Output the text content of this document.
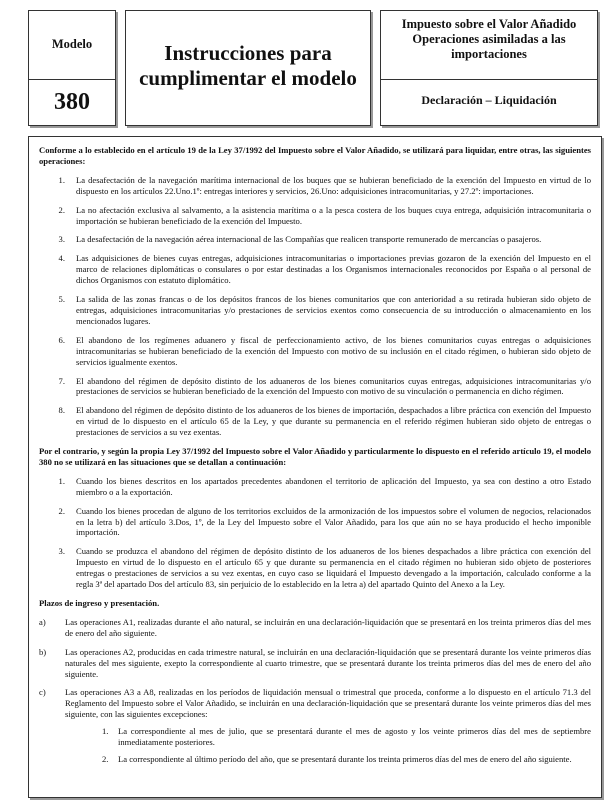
Modelo
380
Instrucciones para cumplimentar el modelo
Impuesto sobre el Valor Añadido Operaciones asimiladas a las importaciones
Declaración – Liquidación

Conforme a lo establecido en el artículo 19 de la Ley 37/1992 del Impuesto sobre el Valor Añadido, se utilizará para liquidar, entre otras, las siguientes operaciones:

1.	La desafectación de la navegación marítima internacional de los buques que se hubieran beneficiado de la exención del Impuesto en virtud de lo dispuesto en los artículos 22.Uno.1º: entregas interiores y servicios, 26.Uno: adquisiciones intracomunitarias, y 27.2º: importaciones.
2.	La no afectación exclusiva al salvamento, a la asistencia marítima o a la pesca costera de los buques cuya entrega, adquisición intracomunitaria o importación se hubieran beneficiado de la exención del Impuesto.
3.	La desafectación de la navegación aérea internacional de las Compañías que realicen transporte remunerado de mercancías o pasajeros.
4.	Las adquisiciones de bienes cuyas entregas, adquisiciones intracomunitarias o importaciones previas gozaron de la exención del Impuesto en el marco de relaciones diplomáticas o consulares o por estar destinadas a los Organismos internacionales reconocidos por España o al personal de dichos Organismos con estatuto diplomático.
5.	La salida de las zonas francas o de los depósitos francos de los bienes comunitarios que con anterioridad a su retirada hubieran sido objeto de entregas, adquisiciones intracomunitarias y/o prestaciones de servicios exentos como consecuencia de su introducción o almacenamiento en los mencionados lugares.
6.	El abandono de los regímenes aduanero y fiscal de perfeccionamiento activo, de los bienes comunitarios cuyas entregas o adquisiciones intracomunitarias se hubieran beneficiado de la exención del Impuesto con motivo de su inclusión en el citado régimen, o hubieran sido objeto de servicios igualmente exentos.
7.	El abandono del régimen de depósito distinto de los aduaneros de los bienes comunitarios cuyas entregas, adquisiciones intracomunitarias y/o prestaciones de servicios se hubieran beneficiado de la exención del Impuesto con motivo de su vinculación o permanencia en dicho régimen.
8.	El abandono del régimen de depósito distinto de los aduaneros de los bienes de importación, despachados a libre práctica con exención del Impuesto en virtud de lo dispuesto en el artículo 65 de la Ley, y que durante su permanencia en el referido régimen hubieran sido objeto de entregas o prestaciones de servicios a su vez exentas.

Por el contrario, y según la propia Ley 37/1992 del Impuesto sobre el Valor Añadido y particularmente lo dispuesto en el referido artículo 19, el modelo 380 no se utilizará en las situaciones que se detallan a continuación:

1.	Cuando los bienes descritos en los apartados precedentes abandonen el territorio de aplicación del Impuesto, ya sea con destino a otro Estado miembro o a la exportación.
2.	Cuando los bienes procedan de alguno de los territorios excluidos de la armonización de los impuestos sobre el volumen de negocios, relacionados en la letra b) del artículo 3.Dos, 1º, de la Ley del Impuesto sobre el Valor Añadido, para los que aún no se haya producido el hecho imponible importación.
3.	Cuando se produzca el abandono del régimen de depósito distinto de los aduaneros de los bienes despachados a libre práctica con exención del Impuesto en virtud de lo dispuesto en el artículo 65 y que durante su permanencia en el citado régimen no hubieran sido objeto de posteriores entregas o prestaciones de servicios a su vez exentas, en cuyo caso se liquidará el Impuesto devengado a la importación, calculado conforme a la regla 3ª del apartado Dos del artículo 83, sin perjuicio de lo establecido en la letra a) del apartado Quinto del Anexo a la Ley.
Plazos de ingreso y presentación.
a)	Las operaciones A1, realizadas durante el año natural, se incluirán en una declaración-liquidación que se presentará en los treinta primeros días del mes de enero del año siguiente.
b)	Las operaciones A2, producidas en cada trimestre natural, se incluirán en una declaración-liquidación que se presentará durante los veinte primeros días naturales del mes siguiente, exepto la correspondiente al cuarto trimestre, que se presentará durante los treinta primeros días del mes de enero del año siguiente.
c)	Las operaciones A3 a A8, realizadas en los períodos de liquidación mensual o trimestral que proceda, conforme a lo dispuesto en el artículo 71.3 del Reglamento del Impuesto sobre el Valor Añadido, se incluirán en una declaración-liquidación que se presentará durante los veinte primeros días del mes siguiente, con las siguientes excepciones:
1.	La correspondiente al mes de julio, que se presentará durante el mes de agosto y los veinte primeros días del mes de septiembre inmediatamente posteriores.
2.	La correspondiente al último período del año, que se presentará durante los treinta primeros días del mes de enero del año siguiente.
